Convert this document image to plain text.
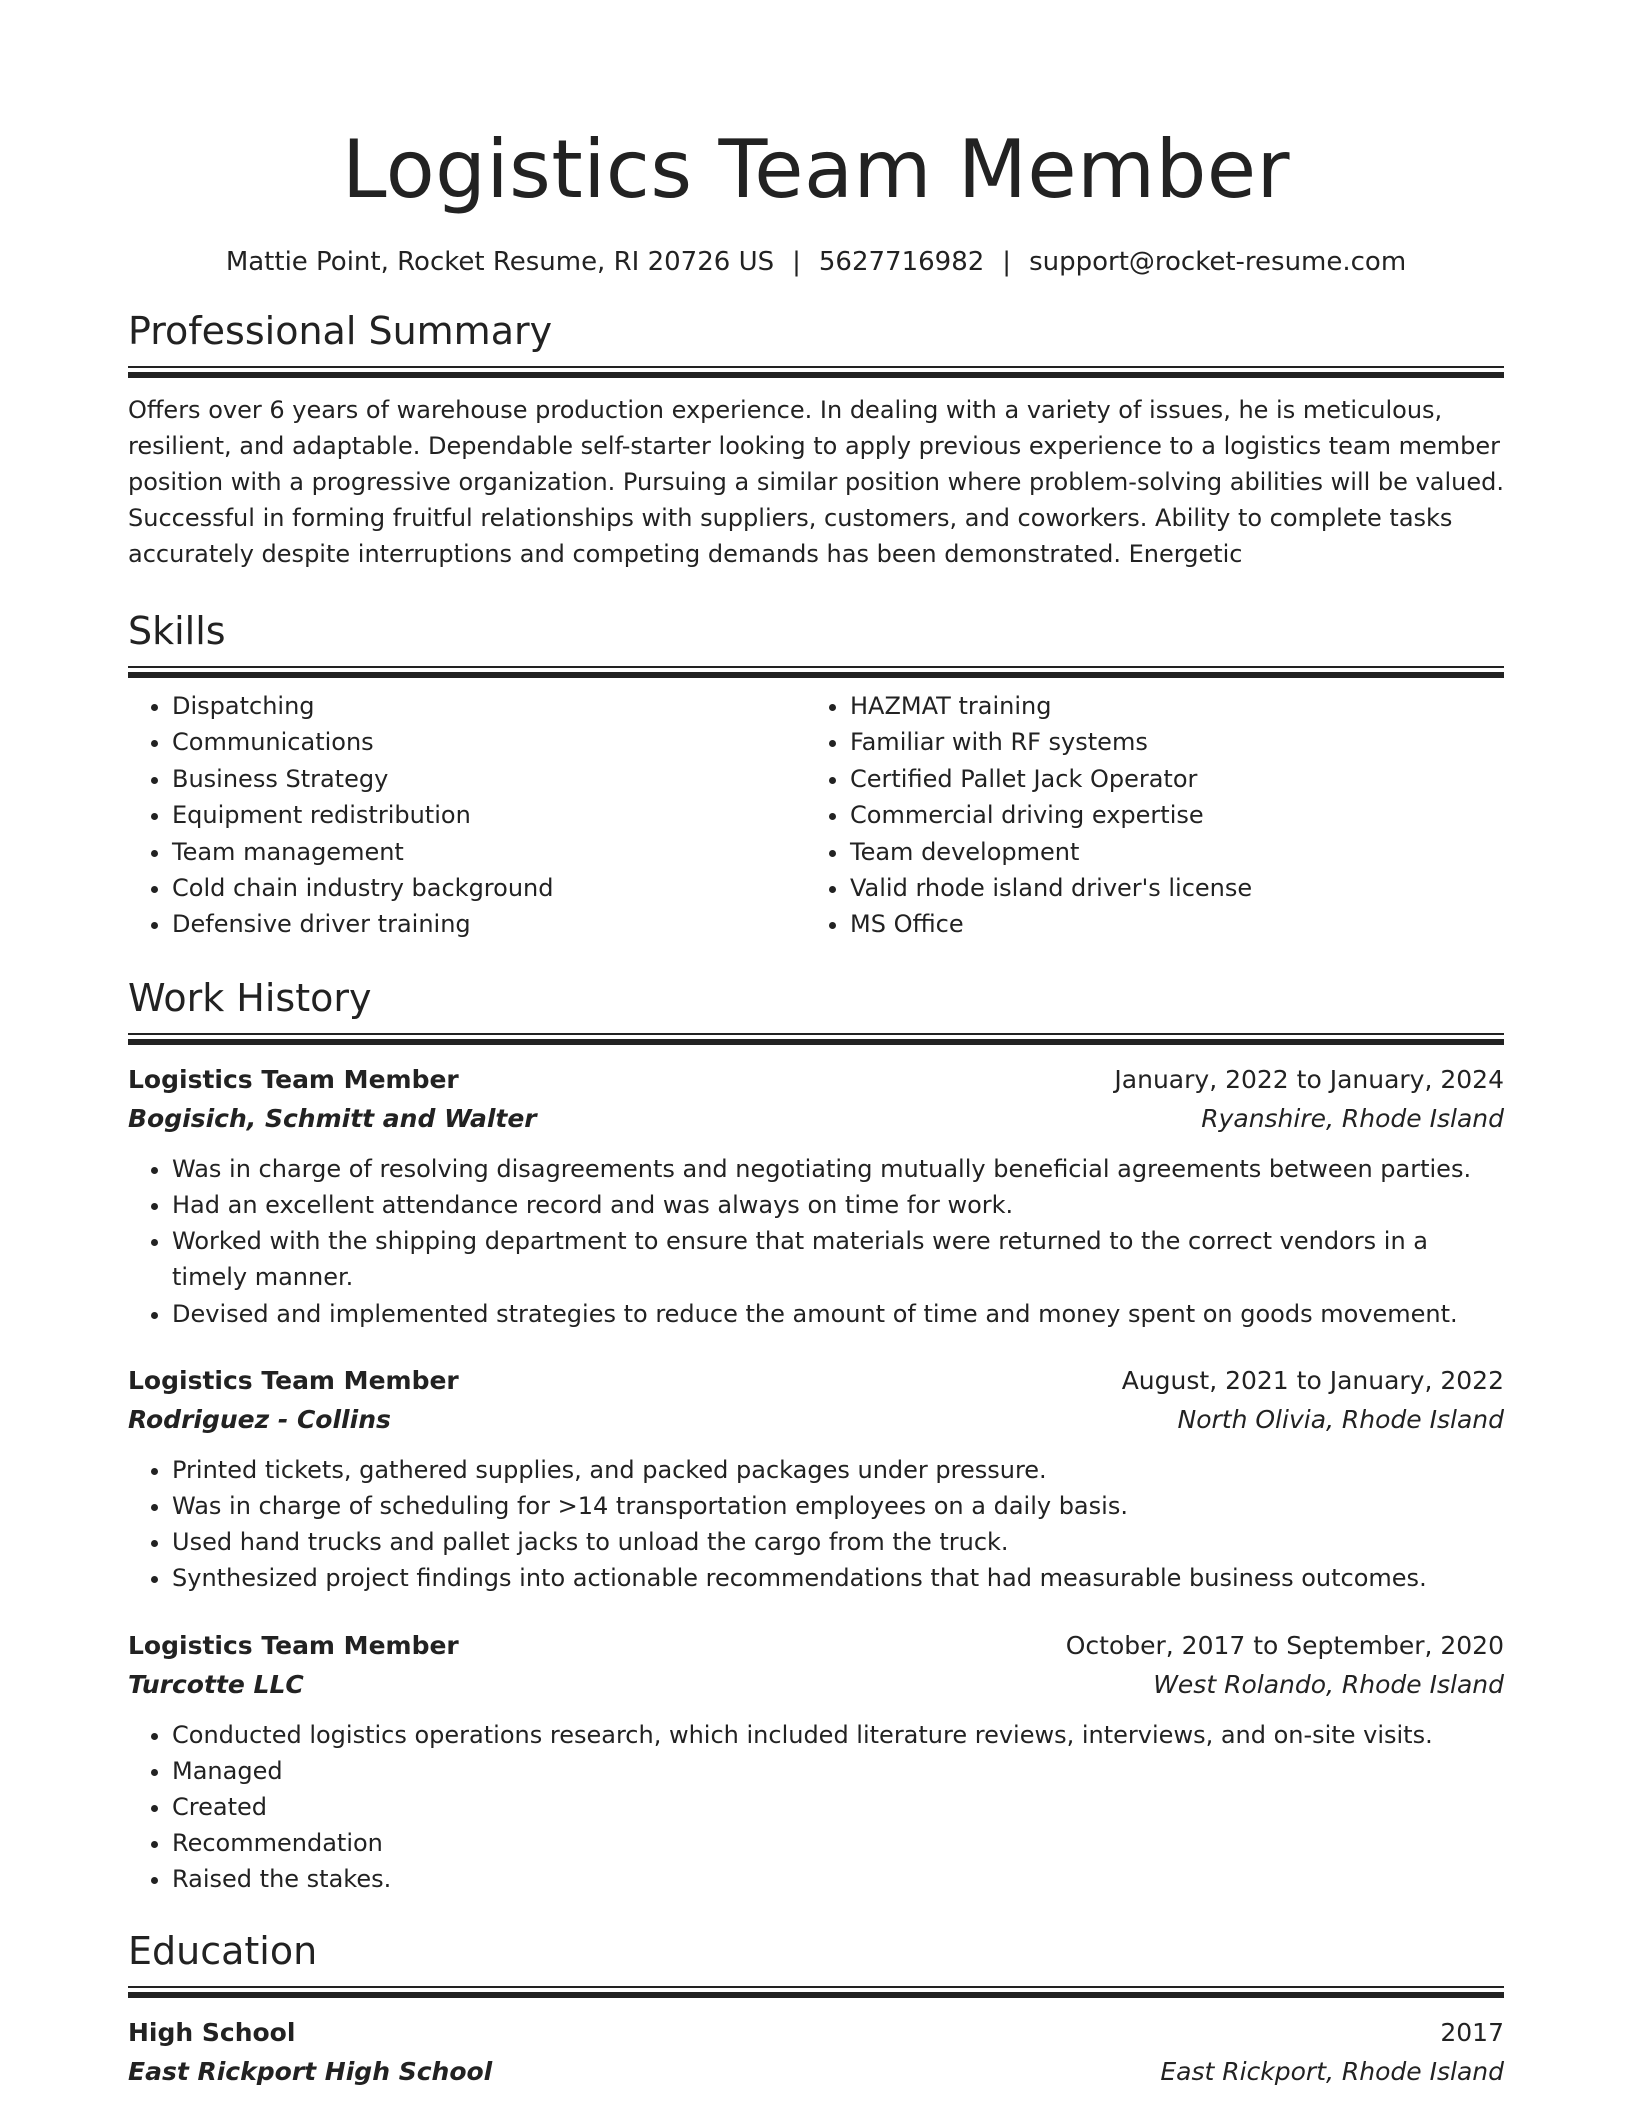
Logistics Team Member
Mattie Point, Rocket Resume, RI 20726 US | 5627716982 | support@rocket-resume.com
Professional Summary

Offers over 6 years of warehouse production experience. In dealing with a variety of issues, he is meticulous, resilient, and adaptable. Dependable self-starter looking to apply previous experience to a logistics team member position with a progressive organization. Pursuing a similar position where problem-solving abilities will be valued. Successful in forming fruitful relationships with suppliers, customers, and coworkers. Ability to complete tasks accurately despite interruptions and competing demands has been demonstrated. Energetic

Skills
• Dispatching
• Communications
• Business Strategy
• Equipment redistribution
• Team management
• Cold chain industry background
• Defensive driver training
• HAZMAT training
• Familiar with RF systems
• Certified Pallet Jack Operator
• Commercial driving expertise
• Team development
• Valid rhode island driver's license
• MS Office
Work History
Logistics Team Member	January, 2022 to January, 2024
Bogisich, Schmitt and Walter	Ryanshire, Rhode Island
• Was in charge of resolving disagreements and negotiating mutually beneficial agreements between parties.
• Had an excellent attendance record and was always on time for work.
• Worked with the shipping department to ensure that materials were returned to the correct vendors in a timely manner.
• Devised and implemented strategies to reduce the amount of time and money spent on goods movement.
Logistics Team Member	August, 2021 to January, 2022
Rodriguez - Collins	North Olivia, Rhode Island
• Printed tickets, gathered supplies, and packed packages under pressure.
• Was in charge of scheduling for >14 transportation employees on a daily basis.
• Used hand trucks and pallet jacks to unload the cargo from the truck.
• Synthesized project findings into actionable recommendations that had measurable business outcomes.
Logistics Team Member	October, 2017 to September, 2020
Turcotte LLC	West Rolando, Rhode Island
• Conducted logistics operations research, which included literature reviews, interviews, and on-site visits.
• Managed
• Created
• Recommendation
• Raised the stakes.
Education
High School	2017
East Rickport High School	East Rickport, Rhode Island
